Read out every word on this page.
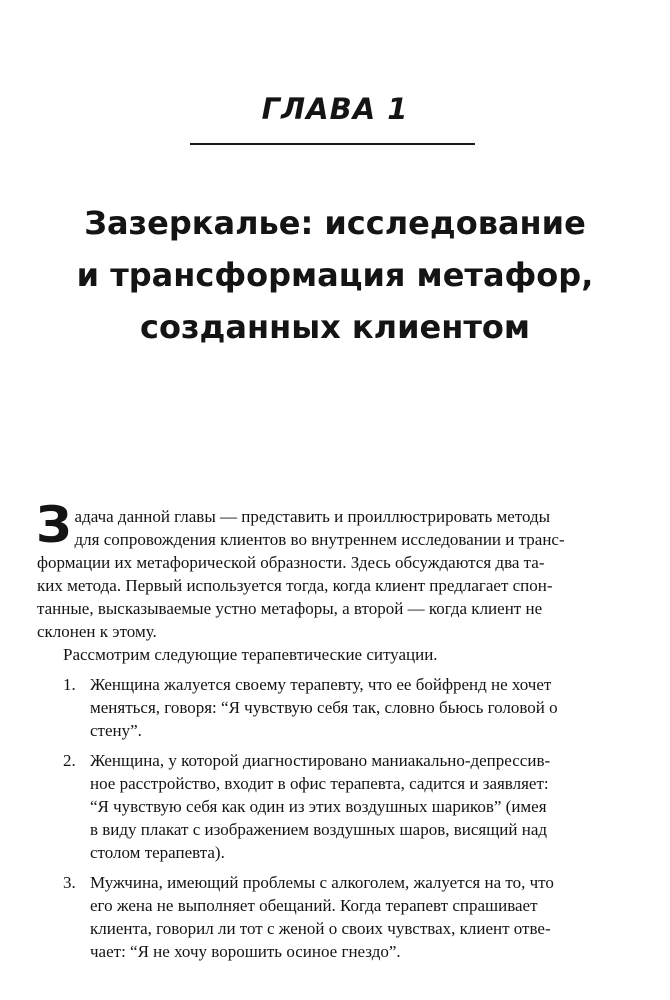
ГЛАВА 1
Зазеркалье: исследование
и трансформация метафор,
созданных клиентом

З адача данной главы — представить и проиллюстрировать методы
для сопровождения клиентов во внутреннем исследовании и транс-
формации их метафорической образности. Здесь обсуждаются два та-
ких метода. Первый используется тогда, когда клиент предлагает спон-
танные, высказываемые устно метафоры, а второй — когда клиент не
склонен к этому.

Рассмотрим следующие терапевтические ситуации.

1. Женщина жалуется своему терапевту, что ее бойфренд не хочет
меняться, говоря: “Я чувствую себя так, словно бьюсь головой о
стену”.
2. Женщина, у которой диагностировано маниакально-депрессив-
ное расстройство, входит в офис терапевта, садится и заявляет:
“Я чувствую себя как один из этих воздушных шариков” (имея
в виду плакат с изображением воздушных шаров, висящий над
столом терапевта).
3. Мужчина, имеющий проблемы с алкоголем, жалуется на то, что
его жена не выполняет обещаний. Когда терапевт спрашивает
клиента, говорил ли тот с женой о своих чувствах, клиент отве-
чает: “Я не хочу ворошить осиное гнездо”.
